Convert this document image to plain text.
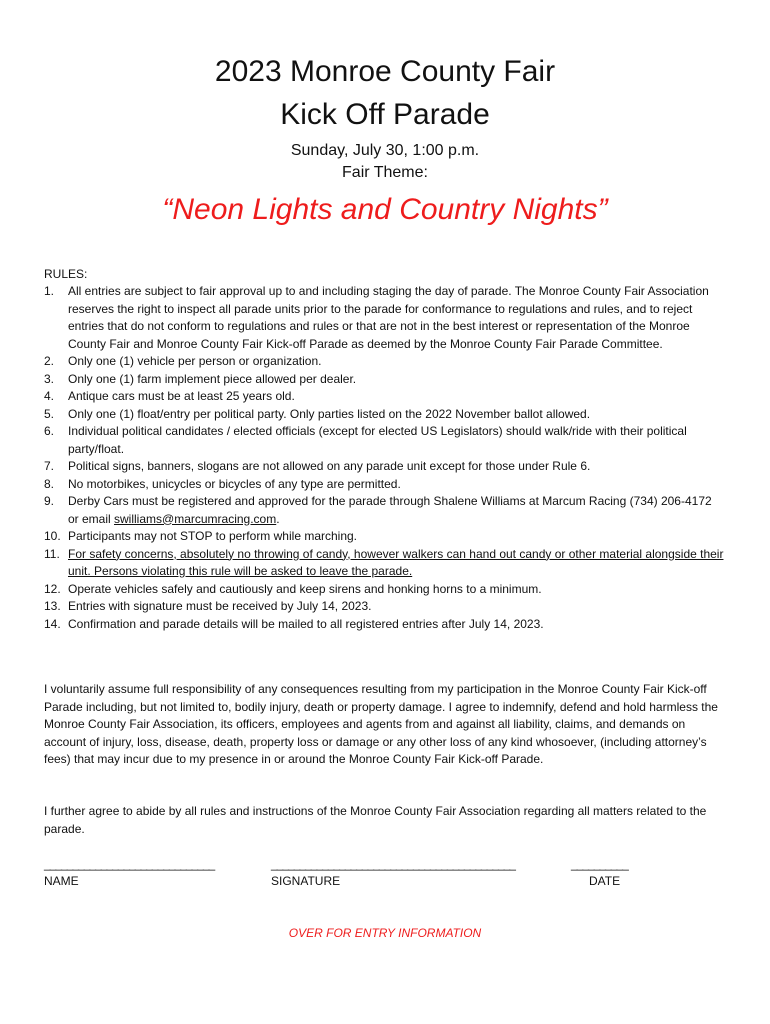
2023 Monroe County Fair
Kick Off Parade
Sunday, July 30, 1:00 p.m.
Fair Theme:
“Neon Lights and Country Nights”
RULES:
1.	All entries are subject to fair approval up to and including staging the day of parade. The Monroe County Fair Association reserves the right to inspect all parade units prior to the parade for conformance to regulations and rules, and to reject entries that do not conform to regulations and rules or that are not in the best interest or representation of the Monroe County Fair and Monroe County Fair Kick-off Parade as deemed by the Monroe County Fair Parade Committee.
2.	Only one (1) vehicle per person or organization.
3.	Only one (1) farm implement piece allowed per dealer.
4.	Antique cars must be at least 25 years old.
5.	Only one (1) float/entry per political party. Only parties listed on the 2022 November ballot allowed.
6.	Individual political candidates / elected officials (except for elected US Legislators) should walk/ride with their political party/float.
7.	Political signs, banners, slogans are not allowed on any parade unit except for those under Rule 6.
8.	No motorbikes, unicycles or bicycles of any type are permitted.
9.	Derby Cars must be registered and approved for the parade through Shalene Williams at Marcum Racing (734) 206-4172 or email swilliams@marcumracing.com.
10. Participants may not STOP to perform while marching.
11. For safety concerns, absolutely no throwing of candy, however walkers can hand out candy or other material alongside their unit. Persons violating this rule will be asked to leave the parade.
12. Operate vehicles safely and cautiously and keep sirens and honking horns to a minimum.
13. Entries with signature must be received by July 14, 2023.
14. Confirmation and parade details will be mailed to all registered entries after July 14, 2023.
I voluntarily assume full responsibility of any consequences resulting from my participation in the Monroe County Fair Kick-off Parade including, but not limited to, bodily injury, death or property damage. I agree to indemnify, defend and hold harmless the Monroe County Fair Association, its officers, employees and agents from and against all liability, claims, and demands on account of injury, loss, disease, death, property loss or damage or any other loss of any kind whosoever, (including attorney’s fees) that may incur due to my presence in or around the Monroe County Fair Kick-off Parade.
I further agree to abide by all rules and instructions of the Monroe County Fair Association regarding all matters related to the parade.
______________________________	___________________________________________	__________
NAME	SIGNATURE	DATE
OVER FOR ENTRY INFORMATION
